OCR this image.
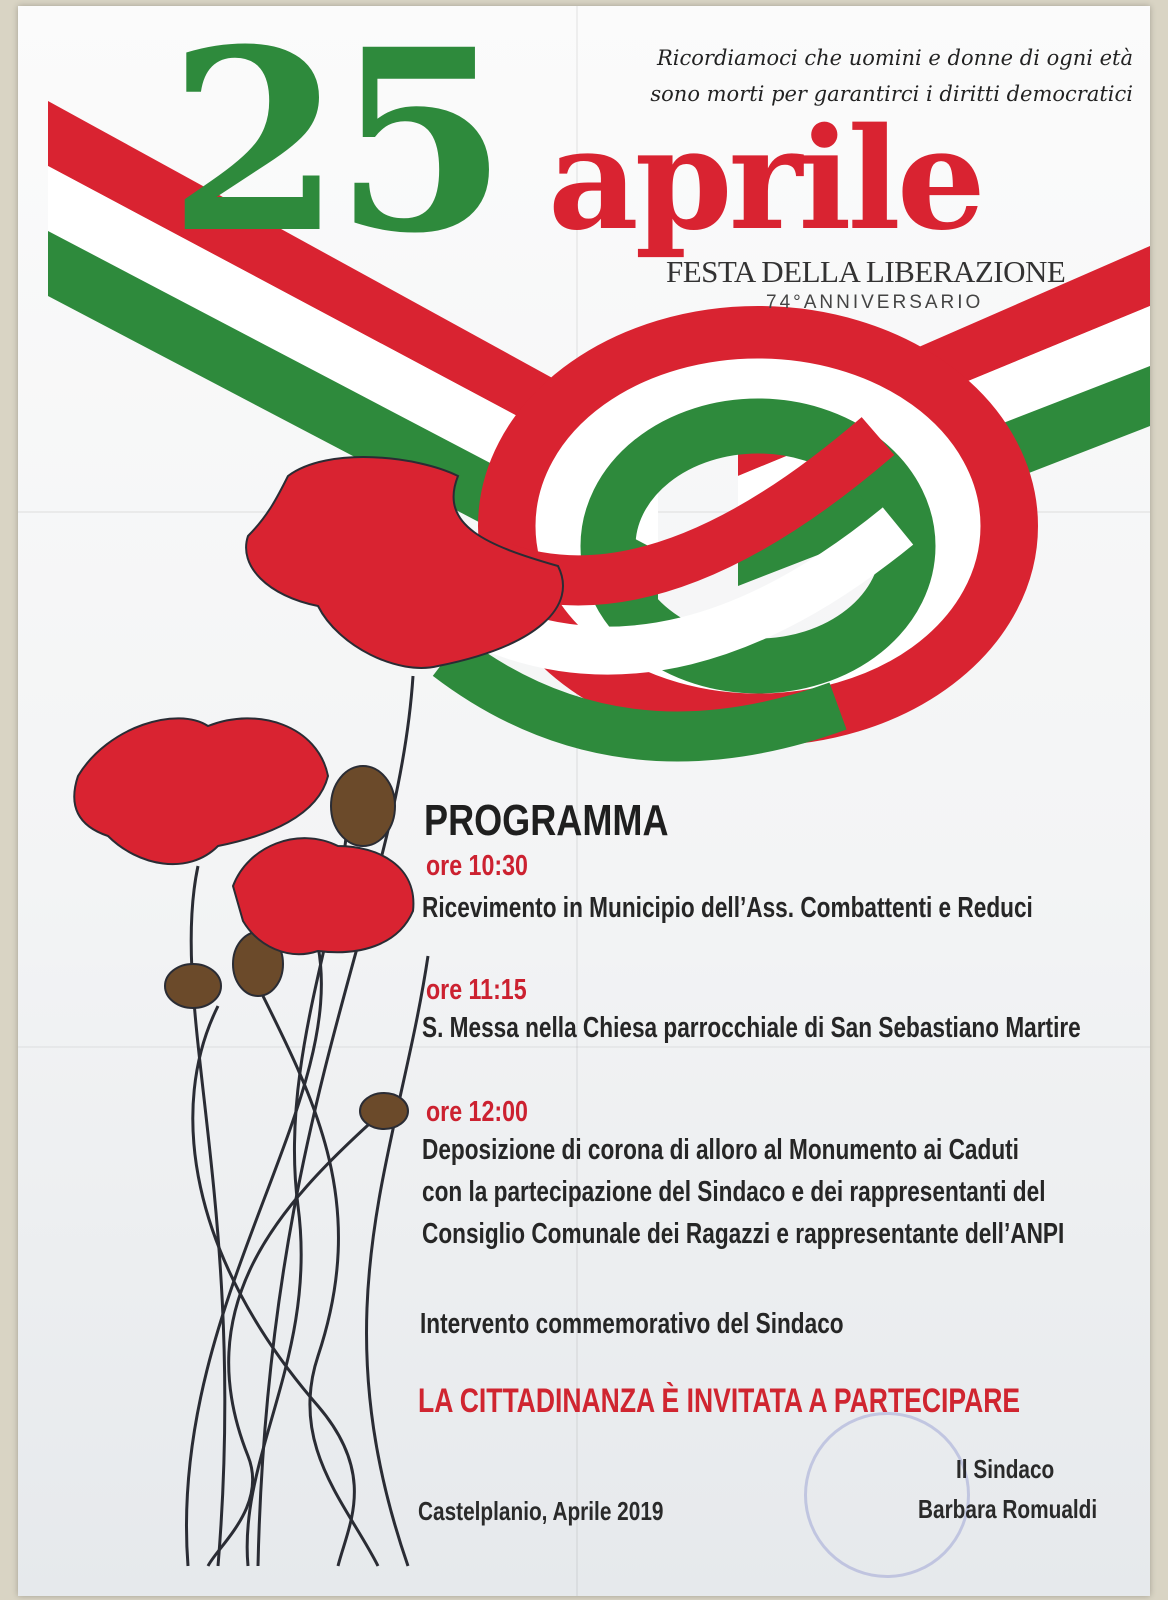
25 aprile
FESTA DELLA LIBERAZIONE
74°ANNIVERSARIO
Ricordiamoci che uomini e donne di ogni età
sono morti per garantirci i diritti democratici
PROGRAMMA
ore 10:30
Ricevimento in Municipio dell’Ass. Combattenti e Reduci
ore 11:15
S. Messa nella Chiesa parrocchiale di San Sebastiano Martire
ore 12:00
Deposizione di corona di alloro al Monumento ai Caduti
con la partecipazione del Sindaco e dei rappresentanti del
Consiglio Comunale dei Ragazzi e rappresentante dell’ANPI
Intervento commemorativo del Sindaco
LA CITTADINANZA È INVITATA A PARTECIPARE
Il Sindaco
Barbara Romualdi
Castelplanio, Aprile 2019
